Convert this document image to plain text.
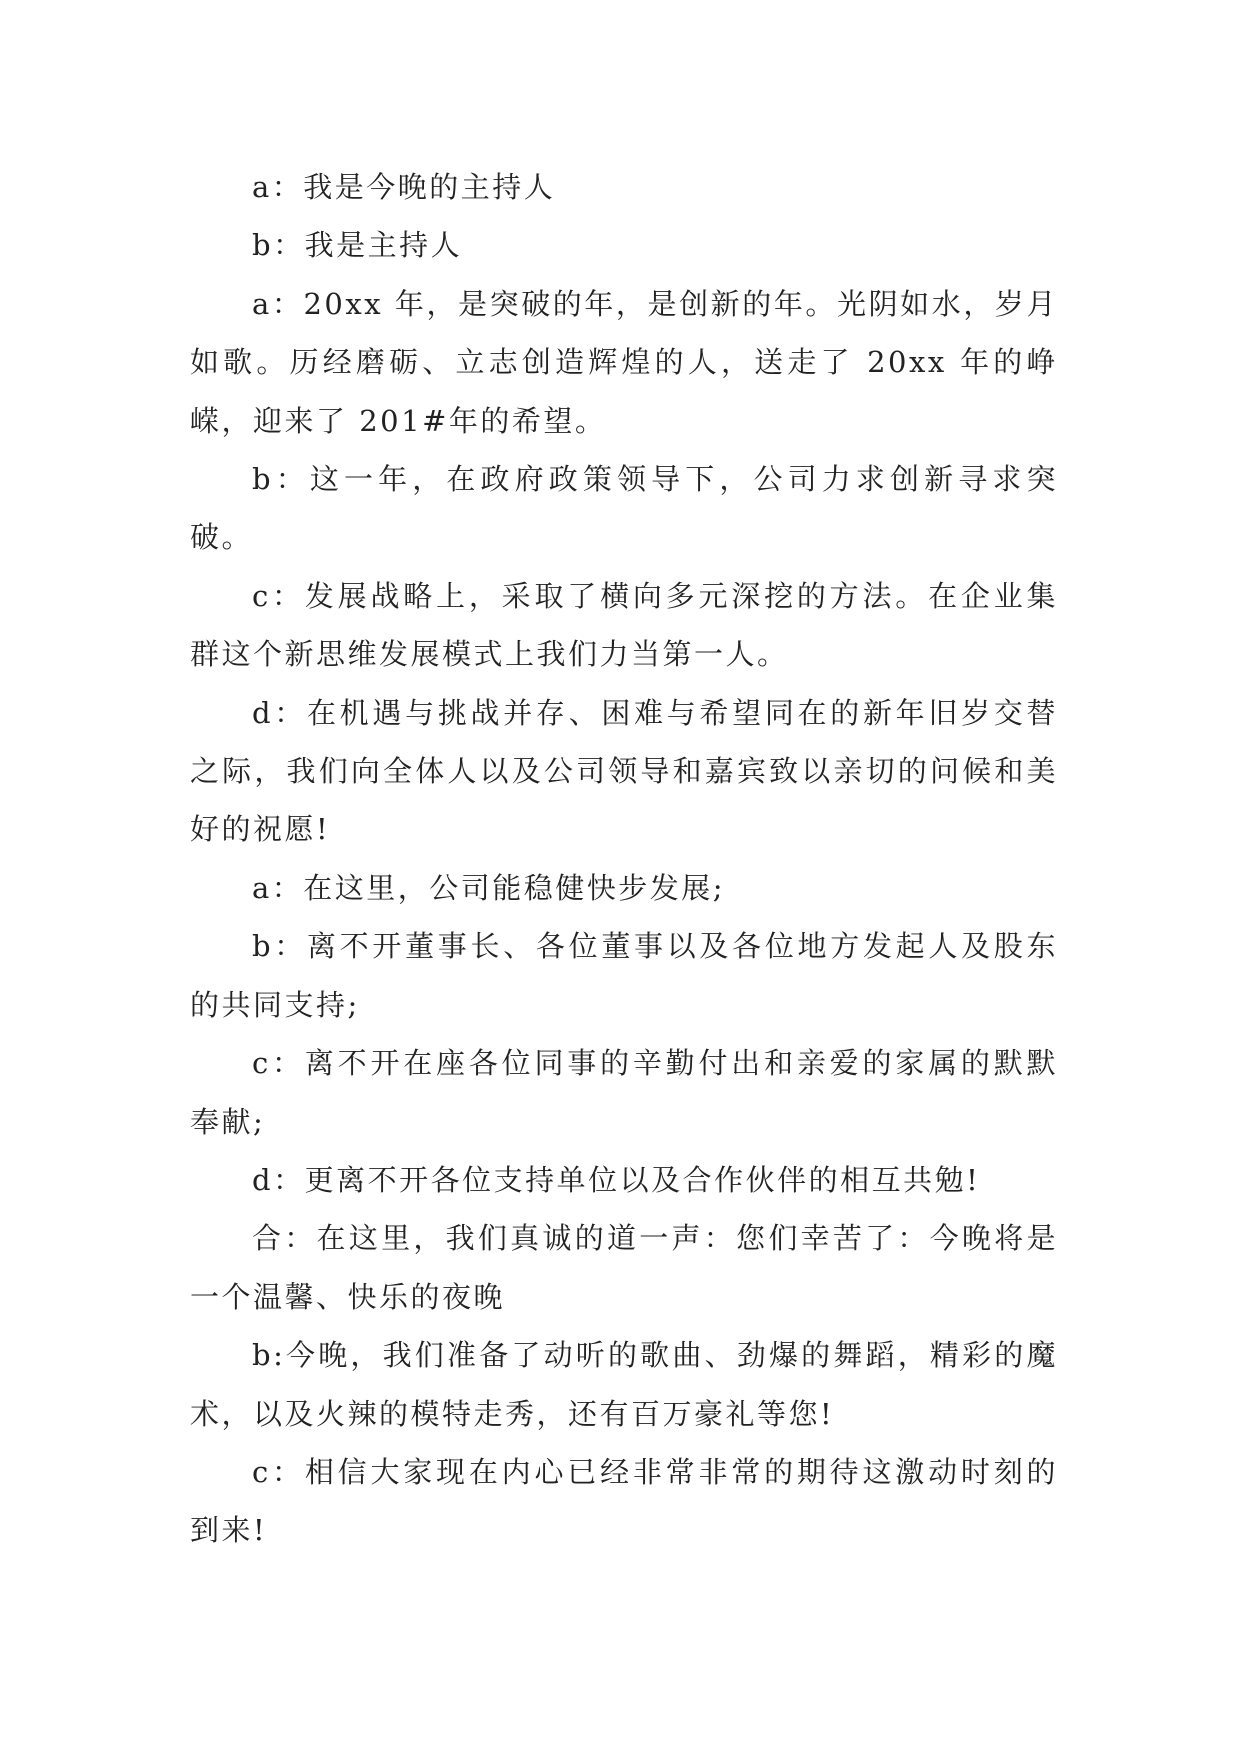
a：我是今晚的主持人

b：我是主持人

a：20xx 年，是突破的年，是创新的年。光阴如水，岁月如歌。历经磨砺、立志创造辉煌的人，送走了 20xx 年的峥嵘，迎来了 201#年的希望。

b：这一年，在政府政策领导下，公司力求创新寻求突破。

c：发展战略上，采取了横向多元深挖的方法。在企业集群这个新思维发展模式上我们力当第一人。

d：在机遇与挑战并存、困难与希望同在的新年旧岁交替之际，我们向全体人以及公司领导和嘉宾致以亲切的问候和美好的祝愿!

a：在这里，公司能稳健快步发展;

b：离不开董事长、各位董事以及各位地方发起人及股东的共同支持;

c：离不开在座各位同事的辛勤付出和亲爱的家属的默默奉献;

d：更离不开各位支持单位以及合作伙伴的相互共勉!

合：在这里，我们真诚的道一声：您们幸苦了：今晚将是一个温馨、快乐的夜晚

b:今晚，我们准备了动听的歌曲、劲爆的舞蹈，精彩的魔术，以及火辣的模特走秀，还有百万豪礼等您!

c：相信大家现在内心已经非常非常的期待这激动时刻的到来!
